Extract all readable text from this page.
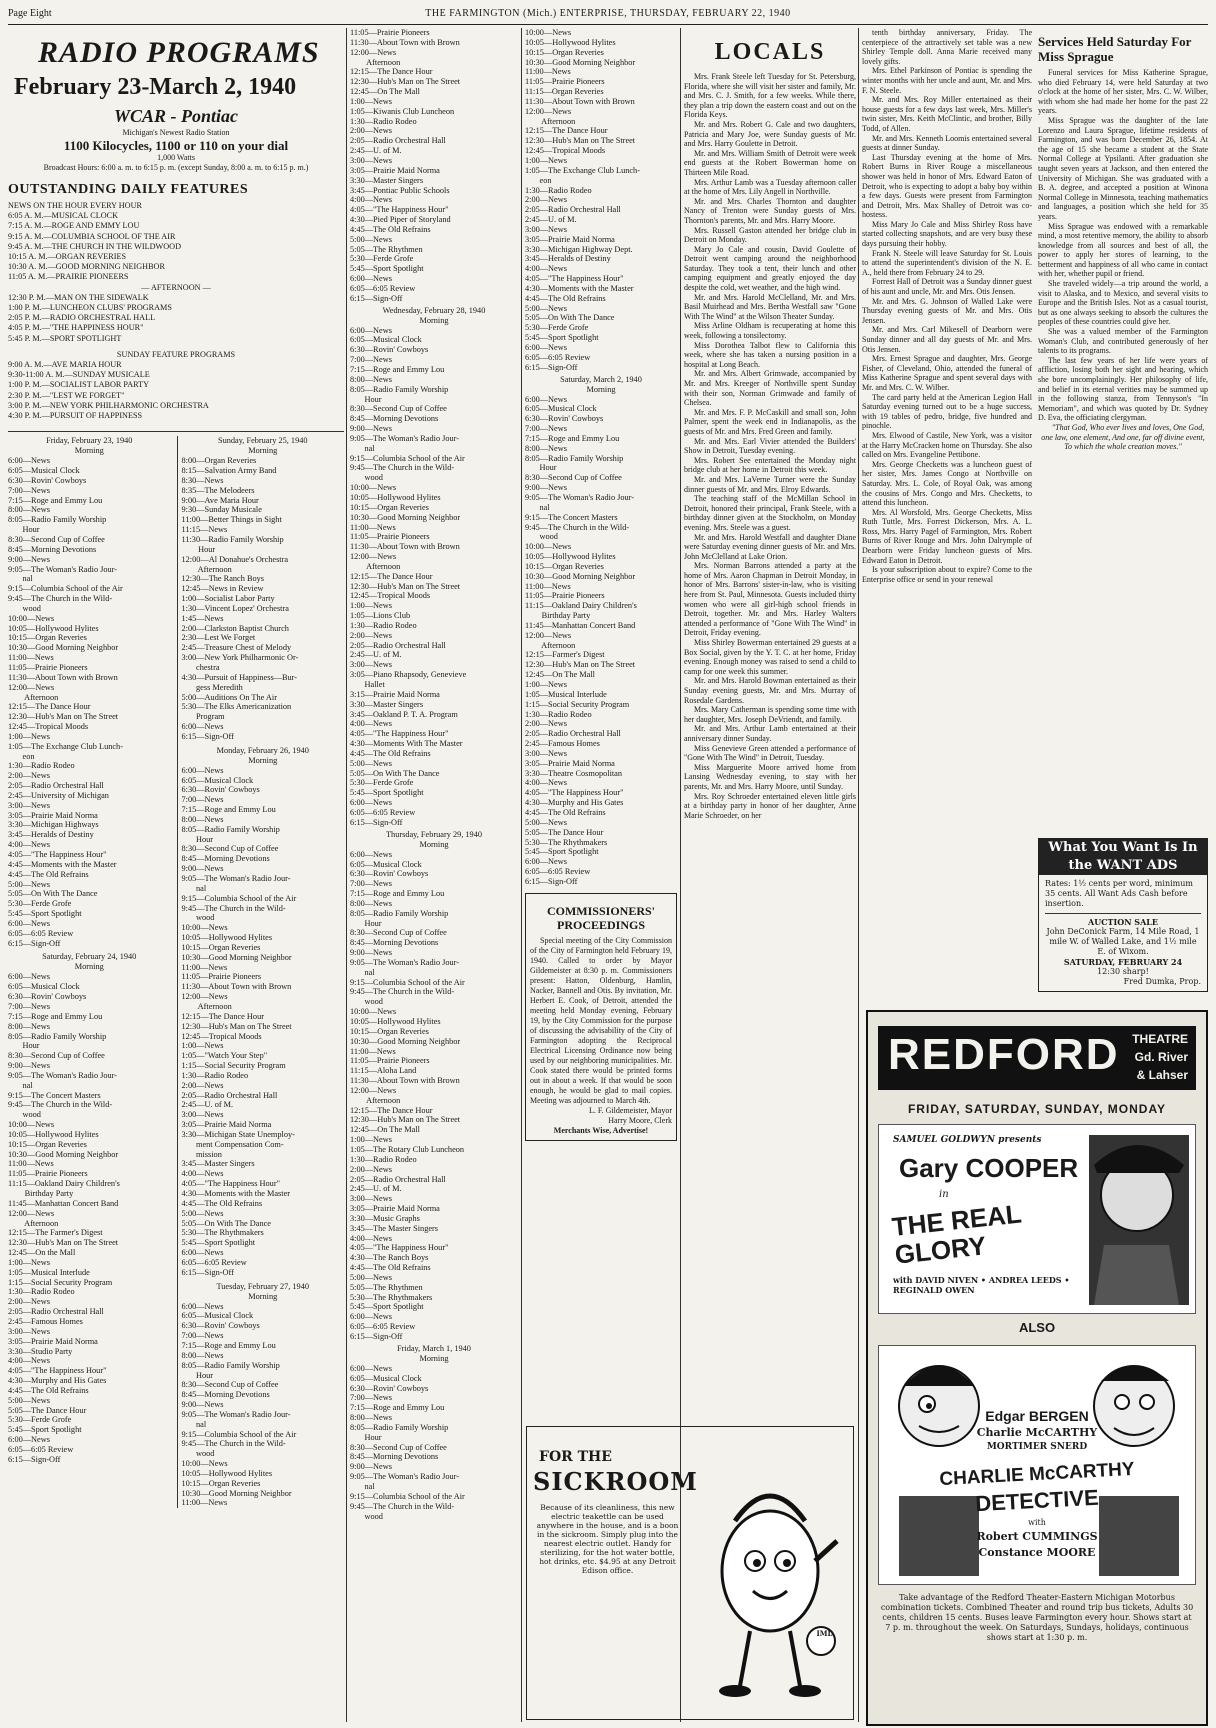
Page Eight	THE FARMINGTON (Mich.) ENTERPRISE, THURSDAY, FEBRUARY 22, 1940
RADIO PROGRAMS
February 23-March 2, 1940
WCAR - Pontiac
Michigan's Newest Radio Station
1100 Kilocycles, 1100 or 110 on your dial
1,000 Watts
Broadcast Hours: 6:00 a. m. to 6:15 p. m. (except Sunday, 8:00 a. m. to 6:15 p. m.)
OUTSTANDING DAILY FEATURES
NEWS ON THE HOUR EVERY HOUR
6:05 A. M.—MUSICAL CLOCK
7:15 A. M.—ROGE AND EMMY LOU
9:15 A. M.—COLUMBIA SCHOOL OF THE AIR
9:45 A. M.—THE CHURCH IN THE WILDWOOD
10:15 A. M.—ORGAN REVERIES
10:30 A. M.—GOOD MORNING NEIGHBOR
11:05 A. M.—PRAIRIE PIONEERS
— AFTERNOON —
12:30 P. M.—MAN ON THE SIDEWALK
1:00 P. M.—LUNCHEON CLUBS' PROGRAMS
2:05 P. M.—RADIO ORCHESTRAL HALL
4:05 P. M.—"THE HAPPINESS HOUR"
5:45 P. M.—SPORT SPOTLIGHT
SUNDAY FEATURE PROGRAMS
9:00 A. M.—AVE MARIA HOUR
9:30-11:00 A. M.—SUNDAY MUSICALE
1:00 P. M.—SOCIALIST LABOR PARTY
2:30 P. M.—"LEST WE FORGET"
3:00 P. M.—NEW YORK PHILHARMONIC ORCHESTRA
4:30 P. M.—PURSUIT OF HAPPINESS
Friday, February 23, 1940
Morning
6:00—News
6:05—Musical Clock
6:30—Rovin' Cowboys
7:00—News
7:15—Roge and Emmy Lou
8:00—News
8:05—Radio Family Worship
Hour
8:30—Second Cup of Coffee
8:45—Morning Devotions
9:00—News
9:05—The Woman's Radio Jour-
nal
9:15—Columbia School of the Air
9:45—The Church in the Wild-
wood
10:00—News
10:05—Hollywood Hylites
10:15—Organ Reveries
10:30—Good Morning Neighbor
11:00—News
11:05—Prairie Pioneers
11:30—About Town with Brown
12:00—News
Afternoon
12:15—The Dance Hour
12:30—Hub's Man on The Street
12:45—Tropical Moods
1:00—News
1:05—The Exchange Club Lunch-
eon
1:30—Radio Rodeo
2:00—News
2:05—Radio Orchestral Hall
2:45—University of Michigan
3:00—News
3:05—Prairie Maid Norma
3:30—Michigan Highways
3:45—Heralds of Destiny
4:00—News
4:05—"The Happiness Hour"
4:45—Moments with the Master
4:45—The Old Refrains
5:00—News
5:05—On With The Dance
5:30—Ferde Grofe
5:45—Sport Spotlight
6:00—News
6:05—6:05 Review
6:15—Sign-Off
Saturday, February 24, 1940
Morning
6:00—News
6:05—Musical Clock
6:30—Rovin' Cowboys
7:00—News
7:15—Roge and Emmy Lou
8:00—News
8:05—Radio Family Worship
Hour
8:30—Second Cup of Coffee
9:00—News
9:05—The Woman's Radio Jour-
nal
9:15—The Concert Masters
9:45—The Church in the Wild-
wood
10:00—News
10:05—Hollywood Hylites
10:15—Organ Reveries
10:30—Good Morning Neighbor
11:00—News
11:05—Prairie Pioneers
11:15—Oakland Dairy Children's
Birthday Party
11:45—Manhattan Concert Band
12:00—News
Afternoon
12:15—The Farmer's Digest
12:30—Hub's Man on The Street
12:45—On the Mall
1:00—News
1:05—Musical Interlude
1:15—Social Security Program
1:30—Radio Rodeo
2:00—News
2:05—Radio Orchestral Hall
2:45—Famous Homes
3:00—News
3:05—Prairie Maid Norma
3:30—Studio Party
4:00—News
4:05—"The Happiness Hour"
4:30—Murphy and His Gates
4:45—The Old Refrains
5:00—News
5:05—The Dance Hour
5:30—Ferde Grofe
5:45—Sport Spotlight
6:00—News
6:05—6:05 Review
6:15—Sign-Off
Sunday, February 25, 1940
Morning
8:00—Organ Reveries
8:15—Salvation Army Band
8:30—News
8:35—The Melodeers
9:00—Ave Maria Hour
9:30—Sunday Musicale
11:00—Better Things in Sight
11:15—News
11:30—Radio Family Worship
Hour
12:00—Al Donahue's Orchestra
Afternoon
12:30—The Ranch Boys
12:45—News in Review
1:00—Socialist Labor Party
1:30—Vincent Lopez' Orchestra
1:45—News
2:00—Clarkston Baptist Church
2:30—Lest We Forget
2:45—Treasure Chest of Melody
3:00—New York Philharmonic Or-
chestra
4:30—Pursuit of Happiness—Bur-
gess Meredith
5:00—Auditions On The Air
5:30—The Elks Americanization
Program
6:00—News
6:15—Sign-Off
Monday, February 26, 1940
Morning
6:00—News
6:05—Musical Clock
6:30—Rovin' Cowboys
7:00—News
7:15—Roge and Emmy Lou
8:00—News
8:05—Radio Family Worship
Hour
8:30—Second Cup of Coffee
8:45—Morning Devotions
9:00—News
9:05—The Woman's Radio Jour-
nal
9:15—Columbia School of the Air
9:45—The Church in the Wild-
wood
10:00—News
10:05—Hollywood Hylites
10:15—Organ Reveries
10:30—Good Morning Neighbor
11:00—News
11:05—Prairie Pioneers
11:30—About Town with Brown
12:00—News
Afternoon
12:15—The Dance Hour
12:30—Hub's Man on The Street
12:45—Tropical Moods
1:00—News
1:05—"Watch Your Step"
1:15—Social Security Program
1:30—Radio Rodeo
2:00—News
2:05—Radio Orchestral Hall
2:45—U. of M.
3:00—News
3:05—Prairie Maid Norma
3:30—Michigan State Unemploy-
ment Compensation Com-
mission
3:45—Master Singers
4:00—News
4:05—"The Happiness Hour"
4:30—Moments with the Master
4:45—The Old Refrains
5:00—News
5:05—On With The Dance
5:30—The Rhythmakers
5:45—Sport Spotlight
6:00—News
6:05—6:05 Review
6:15—Sign-Off
Tuesday, February 27, 1940
Morning
6:00—News
6:05—Musical Clock
6:30—Rovin' Cowboys
7:00—News
7:15—Roge and Emmy Lou
8:00—News
8:05—Radio Family Worship
Hour
8:30—Second Cup of Coffee
8:45—Morning Devotions
9:00—News
9:05—The Woman's Radio Jour-
nal
9:15—Columbia School of the Air
9:45—The Church in the Wild-
wood
10:00—News
10:05—Hollywood Hylites
10:15—Organ Reveries
10:30—Good Morning Neighbor
11:00—News
11:05—Prairie Pioneers
11:30—About Town with Brown
12:00—News
Afternoon
12:15—The Dance Hour
12:30—Hub's Man on The Street
12:45—On The Mall
1:00—News
1:05—Kiwanis Club Luncheon
1:30—Radio Rodeo
2:00—News
2:05—Radio Orchestral Hall
2:45—U. of M.
3:00—News
3:05—Prairie Maid Norma
3:30—Master Singers
3:45—Pontiac Public Schools
4:00—News
4:05—"The Happiness Hour"
4:30—Pied Piper of Storyland
4:45—The Old Refrains
5:00—News
5:05—The Rhythmen
5:30—Ferde Grofe
5:45—Sport Spotlight
6:00—News
6:05—6:05 Review
6:15—Sign-Off
Wednesday, February 28, 1940
Morning
6:00—News
6:05—Musical Clock
6:30—Rovin' Cowboys
7:00—News
7:15—Roge and Emmy Lou
8:00—News
8:05—Radio Family Worship
Hour
8:30—Second Cup of Coffee
8:45—Morning Devotions
9:00—News
9:05—The Woman's Radio Jour-
nal
9:15—Columbia School of the Air
9:45—The Church in the Wild-
wood
10:00—News
10:05—Hollywood Hylites
10:15—Organ Reveries
10:30—Good Morning Neighbor
11:00—News
11:05—Prairie Pioneers
11:30—About Town with Brown
12:00—News
Afternoon
12:15—The Dance Hour
12:30—Hub's Man on The Street
12:45—Tropical Moods
1:00—News
1:05—Lions Club
1:30—Radio Rodeo
2:00—News
2:05—Radio Orchestral Hall
2:45—U. of M.
3:00—News
3:05—Piano Rhapsody, Genevieve
Hallet
3:15—Prairie Maid Norma
3:30—Master Singers
3:45—Oakland P. T. A. Program
4:00—News
4:05—"The Happiness Hour"
4:30—Moments With The Master
4:45—The Old Refrains
5:00—News
5:05—On With The Dance
5:30—Ferde Grofe
5:45—Sport Spotlight
6:00—News
6:05—6:05 Review
6:15—Sign-Off
Thursday, February 29, 1940
Morning
6:00—News
6:05—Musical Clock
6:30—Rovin' Cowboys
7:00—News
7:15—Roge and Emmy Lou
8:00—News
8:05—Radio Family Worship
Hour
8:30—Second Cup of Coffee
8:45—Morning Devotions
9:00—News
9:05—The Woman's Radio Jour-
nal
9:15—Columbia School of the Air
9:45—The Church in the Wild-
wood
10:00—News
10:05—Hollywood Hylites
10:15—Organ Reveries
10:30—Good Morning Neighbor
11:00—News
11:05—Prairie Pioneers
11:15—Aloha Land
11:30—About Town with Brown
12:00—News
Afternoon
12:15—The Dance Hour
12:30—Hub's Man on The Street
12:45—On The Mall
1:00—News
1:05—The Rotary Club Luncheon
1:30—Radio Rodeo
2:00—News
2:05—Radio Orchestral Hall
2:45—U. of M.
3:00—News
3:05—Prairie Maid Norma
3:30—Music Graphs
3:45—The Master Singers
4:00—News
4:05—"The Happiness Hour"
4:30—The Ranch Boys
4:45—The Old Refrains
5:00—News
5:05—The Rhythmen
5:30—The Rhythmakers
5:45—Sport Spotlight
6:00—News
6:05—6:05 Review
6:15—Sign-Off
Friday, March 1, 1940
Morning
6:00—News
6:05—Musical Clock
6:30—Rovin' Cowboys
7:00—News
7:15—Roge and Emmy Lou
8:00—News
8:05—Radio Family Worship
Hour
8:30—Second Cup of Coffee
8:45—Morning Devotions
9:00—News
9:05—The Woman's Radio Jour-
nal
9:15—Columbia School of the Air
9:45—The Church in the Wild-
wood
10:00—News
10:05—Hollywood Hylites
10:15—Organ Reveries
10:30—Good Morning Neighbor
11:00—News
11:05—Prairie Pioneers
11:15—Organ Reveries
11:30—About Town with Brown
12:00—News
Afternoon
12:15—The Dance Hour
12:30—Hub's Man on The Street
12:45—Tropical Moods
1:00—News
1:05—The Exchange Club Lunch-
eon
1:30—Radio Rodeo
2:00—News
2:05—Radio Orchestral Hall
2:45—U. of M.
3:00—News
3:05—Prairie Maid Norma
3:30—Michigan Highway Dept.
3:45—Heralds of Destiny
4:00—News
4:05—"The Happiness Hour"
4:30—Moments with the Master
4:45—The Old Refrains
5:00—News
5:05—On With The Dance
5:30—Ferde Grofe
5:45—Sport Spotlight
6:00—News
6:05—6:05 Review
6:15—Sign-Off
Saturday, March 2, 1940
Morning
6:00—News
6:05—Musical Clock
6:30—Rovin' Cowboys
7:00—News
7:15—Roge and Emmy Lou
8:00—News
8:05—Radio Family Worship
Hour
8:30—Second Cup of Coffee
9:00—News
9:05—The Woman's Radio Jour-
nal
9:15—The Concert Masters
9:45—The Church in the Wild-
wood
10:00—News
10:05—Hollywood Hylites
10:15—Organ Reveries
10:30—Good Morning Neighbor
11:00—News
11:05—Prairie Pioneers
11:15—Oakland Dairy Children's
Birthday Party
11:45—Manhattan Concert Band
12:00—News
Afternoon
12:15—Farmer's Digest
12:30—Hub's Man on The Street
12:45—On The Mall
1:00—News
1:05—Musical Interlude
1:15—Social Security Program
1:30—Radio Rodeo
2:00—News
2:05—Radio Orchestral Hall
2:45—Famous Homes
3:00—News
3:05—Prairie Maid Norma
3:30—Theatre Cosmopolitan
4:00—News
4:05—"The Happiness Hour"
4:30—Murphy and His Gates
4:45—The Old Refrains
5:00—News
5:05—The Dance Hour
5:30—The Rhythmakers
5:45—Sport Spotlight
6:00—News
6:05—6:05 Review
6:15—Sign-Off
COMMISSIONERS' PROCEEDINGS

Special meeting of the City Commission of the City of Farmington held February 19, 1940. Called to order by Mayor Gildemeister at 8:30 p. m. Commissioners present: Hatton, Oldenburg, Hamlin, Nacker, Bannell and Otis. By invitation, Mr. Herbert E. Cook, of Detroit, attended the meeting held Monday evening, February 19, by the City Commission for the purpose of discussing the advisability of the City of Farmington adopting the Reciprocal Electrical Licensing Ordinance now being used by our neighboring municipalities. Mr. Cook stated there would be printed forms out in about a week. If that would be soon enough, he would be glad to mail copies. Meeting was adjourned to March 4th.

L. F. Gildemeister, Mayor
Harry Moore, Clerk
Merchants Wise, Advertise!
FOR THE
SICKROOM
Because of its cleanliness, this new electric teakettle can be used anywhere in the house, and is a boon in the sickroom. Simply plug into the nearest electric outlet. Handy for sterilizing, for the hot water bottle, hot drinks, etc. $4.95 at any Detroit Edison office.
IMD
LOCALS

Mrs. Frank Steele left Tuesday for St. Petersburg, Florida, where she will visit her sister and family, Mr. and Mrs. C. J. Smith, for a few weeks. While there, they plan a trip down the eastern coast and out on the Florida Keys.

Mr. and Mrs. Robert G. Cale and two daughters, Patricia and Mary Joe, were Sunday guests of Mr. and Mrs. Harry Goulette in Detroit.

Mr. and Mrs. William Smith of Detroit were week end guests at the Robert Bowerman home on Thirteen Mile Road.

Mrs. Arthur Lamb was a Tuesday afternoon caller at the home of Mrs. Lily Angell in Northville.

Mr. and Mrs. Charles Thornton and daughter Nancy of Trenton were Sunday guests of Mrs. Thornton's parents, Mr. and Mrs. Harry Moore.

Mrs. Russell Gaston attended her bridge club in Detroit on Monday.

Mary Jo Cale and cousin, David Goulette of Detroit went camping around the neighborhood Saturday. They took a tent, their lunch and other camping equipment and greatly enjoyed the day despite the cold, wet weather, and the high wind.

Mr. and Mrs. Harold McClelland, Mr. and Mrs. Basil Muirhead and Mrs. Bertha Westfall saw "Gone With The Wind" at the Wilson Theater Sunday.

Miss Arline Oldham is recuperating at home this week, following a tonsilectomy.

Miss Dorothea Talbot flew to California this week, where she has taken a nursing position in a hospital at Long Beach.

Mr. and Mrs. Albert Grimwade, accompanied by Mr. and Mrs. Kreeger of Northville spent Sunday with their son, Norman Grimwade and family of Chelsea.

Mr. and Mrs. F. P. McCaskill and small son, John Palmer, spent the week end in Indianapolis, as the guests of Mr. and Mrs. Fred Green and family.

Mr. and Mrs. Earl Vivier attended the Builders' Show in Detroit, Tuesday evening.

Mrs. Robert See entertained the Monday night bridge club at her home in Detroit this week.

Mr. and Mrs. LaVerne Turner were the Sunday dinner guests of Mr. and Mrs. Elroy Edwards.

The teaching staff of the McMillan School in Detroit, honored their principal, Frank Steele, with a birthday dinner given at the Stockholm, on Monday evening. Mrs. Steele was a guest.

Mr. and Mrs. Harold Westfall and daughter Diane were Saturday evening dinner guests of Mr. and Mrs. John McClelland at Lake Orion.

Mrs. Norman Barrons attended a party at the home of Mrs. Aaron Chapman in Detroit Monday, in honor of Mrs. Barrons' sister-in-law, who is visiting here from St. Paul, Minnesota. Guests included thirty women who were all girl-high school friends in Detroit, together. Mr. and Mrs. Harley Walters attended a performance of "Gone With The Wind" in Detroit, Friday evening.

Miss Shirley Bowerman entertained 29 guests at a Box Social, given by the Y. T. C. at her home, Friday evening. Enough money was raised to send a child to camp for one week this summer.

Mr. and Mrs. Harold Bowman entertained as their Sunday evening guests, Mr. and Mrs. Murray of Rosedale Gardens.

Mrs. Mary Catherman is spending some time with her daughter, Mrs. Joseph DeVriendt, and family.

Mr. and Mrs. Arthur Lamb entertained at their anniversary dinner Sunday.

Miss Genevieve Green attended a performance of "Gone With The Wind" in Detroit, Tuesday.

Miss Marguerite Moore arrived home from Lansing Wednesday evening, to stay with her parents, Mr. and Mrs. Harry Moore, until Sunday.

Mrs. Roy Schroeder entertained eleven little girls at a birthday party in honor of her daughter, Anne Marie Schroeder, on her

tenth birthday anniversary, Friday. The centerpiece of the attractively set table was a new Shirley Temple doll. Anna Marie received many lovely gifts.

Mrs. Ethel Parkinson of Pontiac is spending the winter months with her uncle and aunt, Mr. and Mrs. F. N. Steele.

Mr. and Mrs. Roy Miller entertained as their house guests for a few days last week, Mrs. Miller's twin sister, Mrs. Keith McClintic, and brother, Billy Todd, of Allen.

Mr. and Mrs. Kenneth Loomis entertained several guests at dinner Sunday.

Last Thursday evening at the home of Mrs. Robert Burns in River Rouge a miscellaneous shower was held in honor of Mrs. Edward Eaton of Detroit, who is expecting to adopt a baby boy within a few days. Guests were present from Farmington and Detroit, Mrs. Max Shalley of Detroit was co-hostess.

Miss Mary Jo Cale and Miss Shirley Ross have started collecting snapshots, and are very busy these days pursuing their hobby.

Frank N. Steele will leave Saturday for St. Louis to attend the superintendent's division of the N. E. A., held there from February 24 to 29.

Forrest Hall of Detroit was a Sunday dinner guest of his aunt and uncle, Mr. and Mrs. Otis Jensen.

Mr. and Mrs. G. Johnson of Walled Lake were Thursday evening guests of Mr. and Mrs. Otis Jensen.

Mr. and Mrs. Carl Mikesell of Dearborn were Sunday dinner and all day guests of Mr. and Mrs. Otis Jensen.

Mrs. Ernest Sprague and daughter, Mrs. George Fisher, of Cleveland, Ohio, attended the funeral of Miss Katherine Sprague and spent several days with Mr. and Mrs. C. W. Wilber.

The card party held at the American Legion Hall Saturday evening turned out to be a huge success, with 19 tables of pedro, bridge, five hundred and pinochle.

Mrs. Elwood of Castile, New York, was a visitor at the Harry McCracken home on Thursday. She also called on Mrs. Evangeline Pettibone.

Mrs. George Checketts was a luncheon guest of her sister, Mrs. James Congo at Northville on Saturday. Mrs. L. Cole, of Royal Oak, was among the cousins of Mrs. Congo and Mrs. Checketts, to attend this luncheon.

Mrs. Al Worsfold, Mrs. George Checketts, Miss Ruth Tuttle, Mrs. Forrest Dickerson, Mrs. A. L. Ross, Mrs. Harry Pagel of Farmington, Mrs. Robert Burns of River Rouge and Mrs. John Dalrymple of Dearborn were Friday luncheon guests of Mrs. Edward Eaton in Detroit.

Is your subscription about to expire? Come to the Enterprise office or send in your renewal

Services Held Saturday For Miss Sprague

Funeral services for Miss Katherine Sprague, who died February 14, were held Saturday at two o'clock at the home of her sister, Mrs. C. W. Wilber, with whom she had made her home for the past 22 years.

Miss Sprague was the daughter of the late Lorenzo and Laura Sprague, lifetime residents of Farmington, and was born December 26, 1854. At the age of 15 she became a student at the State Normal College at Ypsilanti. After graduation she taught seven years at Jackson, and then entered the University of Michigan. She was graduated with a B. A. degree, and accepted a position at Winona Normal College in Minnesota, teaching mathematics and languages, a position which she held for 35 years.

Miss Sprague was endowed with a remarkable mind, a most retentive memory, the ability to absorb knowledge from all sources and best of all, the power to apply her stores of learning, to the betterment and happiness of all who came in contact with her, whether pupil or friend.

She traveled widely—a trip around the world, a visit to Alaska, and to Mexico, and several visits to Europe and the British Isles. Not as a casual tourist, but as one always seeking to absorb the cultures the peoples of these countries could give her.

She was a valued member of the Farmington Woman's Club, and contributed generously of her talents to its programs.

The last few years of her life were years of affliction, losing both her sight and hearing, which she bore uncomplainingly. Her philosophy of life, and belief in its eternal verities may be summed up in the following stanza, from Tennyson's "In Memoriam", and which was quoted by Dr. Sydney D. Eva, the officiating clergyman.

"That God, Who ever lives and loves, One God, one law, one element, And one, far off divine event, To which the whole creation moves."

What You Want Is In the WANT ADS
Rates: 1½ cents per word, minimum 35 cents. All Want Ads Cash before insertion.
AUCTION SALE
John DeConick Farm, 14 Mile Road, 1 mile W. of Walled Lake, and 1½ mile E. of Wixom.
SATURDAY, FEBRUARY 24
12:30 sharp!
Fred Dumka, Prop.
REDFORD THEATRE
Gd. River
& Lahser
FRIDAY, SATURDAY, SUNDAY, MONDAY
SAMUEL GOLDWYN presents
Gary COOPER
in
THE REAL GLORY
with DAVID NIVEN • ANDREA LEEDS • REGINALD OWEN
ALSO
Edgar BERGEN
Charlie McCARTHY
MORTIMER SNERD
CHARLIE McCARTHY
DETECTIVE
with
Robert CUMMINGS
Constance MOORE
Take advantage of the Redford Theater-Eastern Michigan Motorbus combination tickets. Combined Theater and round trip bus tickets, Adults 30 cents, children 15 cents. Buses leave Farmington every hour. Shows start at 7 p. m. throughout the week. On Saturdays, Sundays, holidays, continuous shows start at 1:30 p. m.
